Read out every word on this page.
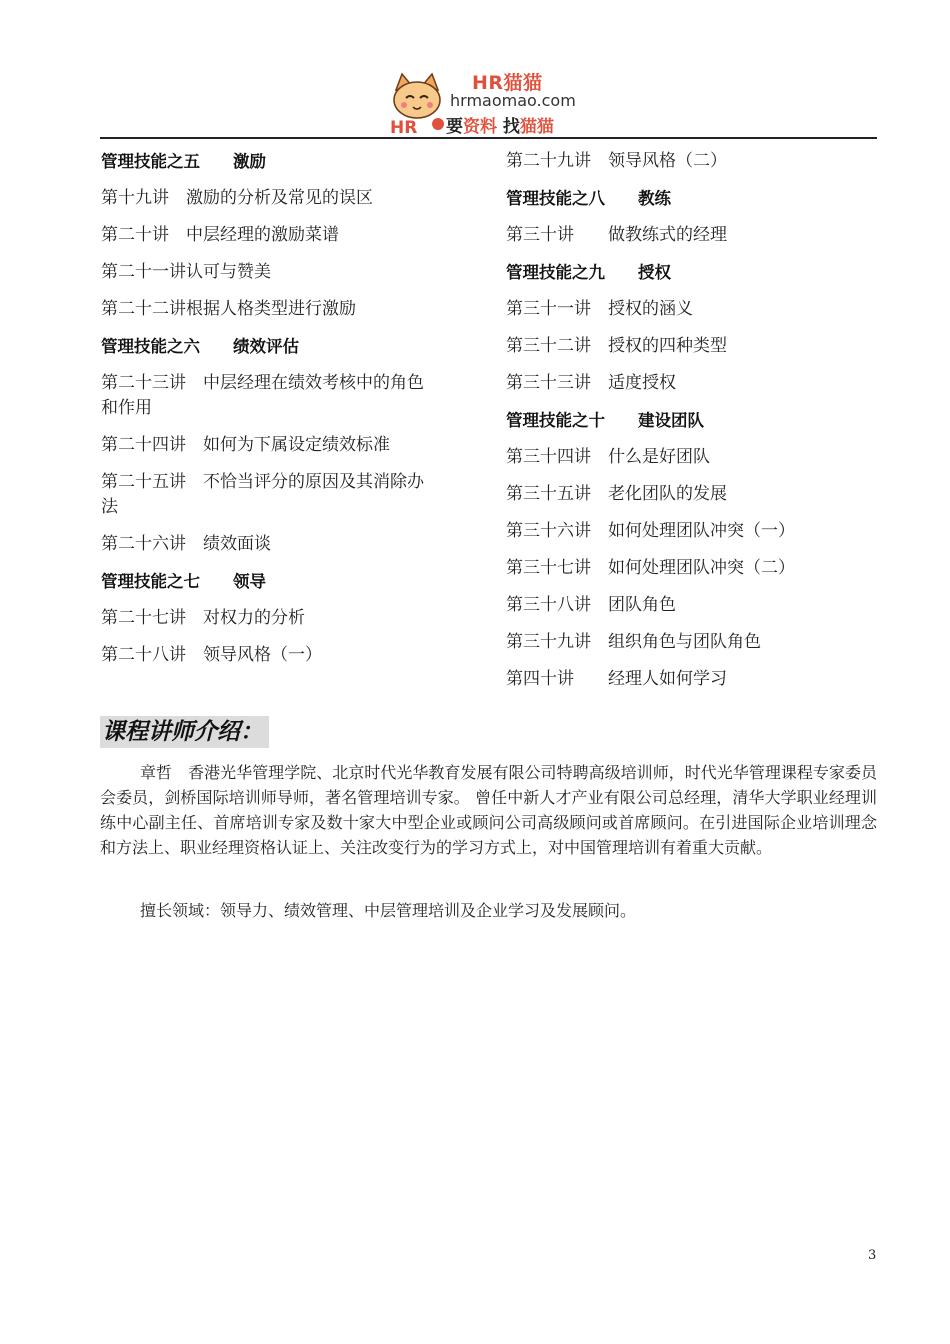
HR
HR猫猫
hrmaomao.com
要资料 找猫猫

管理技能之五　　激励

第十九讲　激励的分析及常见的误区

第二十讲　中层经理的激励菜谱

第二十一讲认可与赞美

第二十二讲根据人格类型进行激励

管理技能之六　　绩效评估

第二十三讲　中层经理在绩效考核中的角色
和作用

第二十四讲　如何为下属设定绩效标准

第二十五讲　不恰当评分的原因及其消除办
法

第二十六讲　绩效面谈

管理技能之七　　领导

第二十七讲　对权力的分析

第二十八讲　领导风格（一）

第二十九讲　领导风格（二）

管理技能之八　　教练

第三十讲　　做教练式的经理

管理技能之九　　授权

第三十一讲　授权的涵义

第三十二讲　授权的四种类型

第三十三讲　适度授权

管理技能之十　　建设团队

第三十四讲　什么是好团队

第三十五讲　老化团队的发展

第三十六讲　如何处理团队冲突（一）

第三十七讲　如何处理团队冲突（二）

第三十八讲　团队角色

第三十九讲　组织角色与团队角色

第四十讲　　经理人如何学习

课程讲师介绍：

章哲　香港光华管理学院、北京时代光华教育发展有限公司特聘高级培训师，时代光华管理课程专家委员会委员，剑桥国际培训师导师，著名管理培训专家。 曾任中新人才产业有限公司总经理，清华大学职业经理训练中心副主任、首席培训专家及数十家大中型企业或顾问公司高级顾问或首席顾问。在引进国际企业培训理念和方法上、职业经理资格认证上、关注改变行为的学习方式上，对中国管理培训有着重大贡献。

擅长领域：领导力、绩效管理、中层管理培训及企业学习及发展顾问。

3
